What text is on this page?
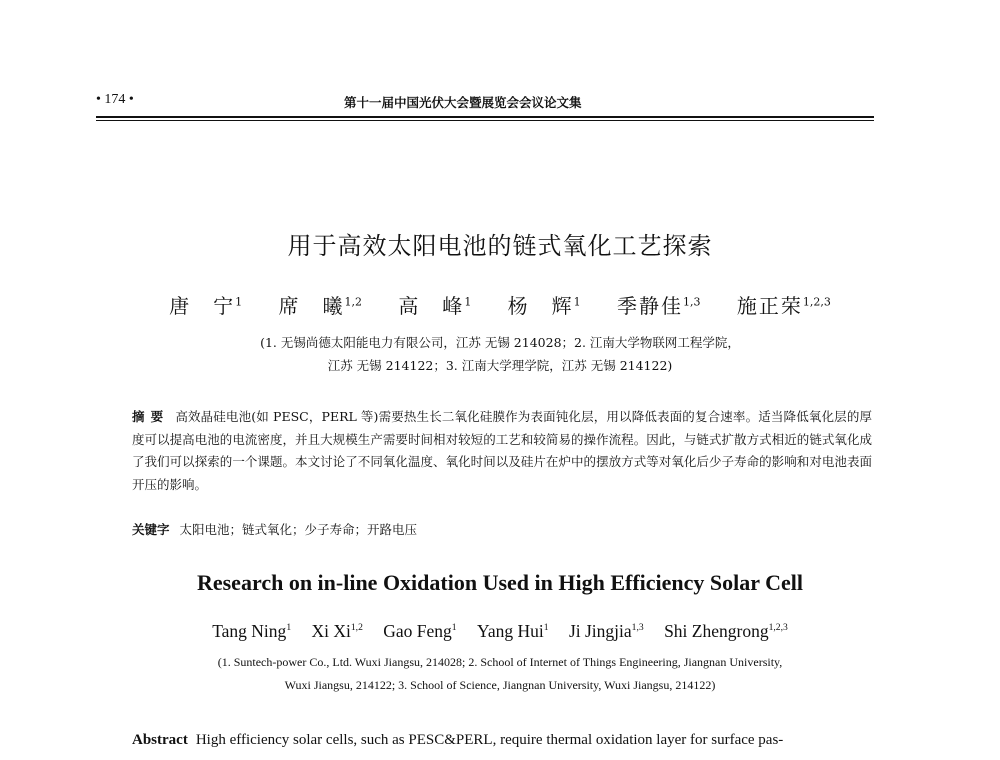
• 174 •	第十一届中国光伏大会暨展览会会议论文集
用于高效太阳电池的链式氧化工艺探索
唐　宁$^1$ 席　曦$^{1,2}$ 高　峰$^1$ 杨　辉$^1$ 季静佳$^{1,3}$ 施正荣$^{1,2,3}$
(1. 无锡尚德太阳能电力有限公司，江苏 无锡 214028；2. 江南大学物联网工程学院，
江苏 无锡 214122；3. 江南大学理学院，江苏 无锡 214122)
摘要 高效晶硅电池(如 PESC，PERL 等)需要热生长二氧化硅膜作为表面钝化层，用以降低表面的复合速率。适当降低氧化层的厚度可以提高电池的电流密度，并且大规模生产需要时间相对较短的工艺和较简易的操作流程。因此，与链式扩散方式相近的链式氧化成了我们可以探索的一个课题。本文讨论了不同氧化温度、氧化时间以及硅片在炉中的摆放方式等对氧化后少子寿命的影响和对电池表面开压的影响。
关键字 太阳电池；链式氧化；少子寿命；开路电压
Research on in-line Oxidation Used in High Efficiency Solar Cell
Tang Ning$^1$ Xi Xi$^{1,2}$ Gao Feng$^1$ Yang Hui$^1$ Ji Jingjia$^{1,3}$ Shi Zhengrong$^{1,2,3}$
(1. Suntech-power Co., Ltd. Wuxi Jiangsu, 214028; 2. School of Internet of Things Engineering, Jiangnan University,
Wuxi Jiangsu, 214122; 3. School of Science, Jiangnan University, Wuxi Jiangsu, 214122)
Abstract High efficiency solar cells, such as PESC&PERL, require thermal oxidation layer for surface pas-
